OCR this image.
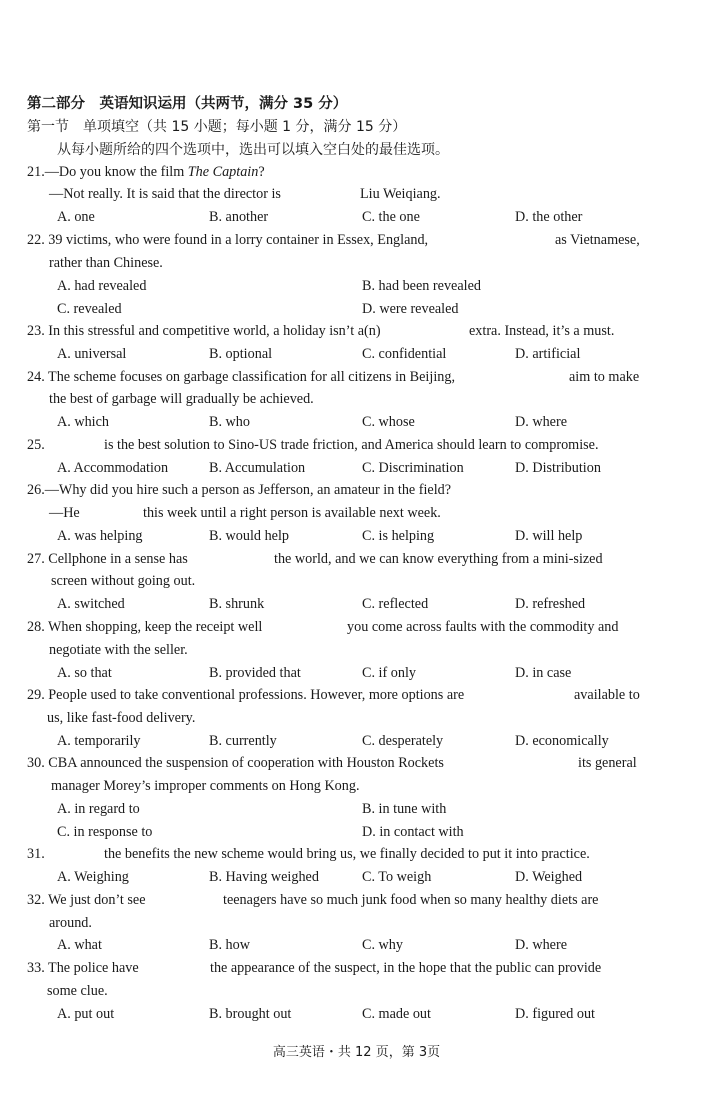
第二部分　英语知识运用（共两节，满分 35 分）
第一节　单项填空（共 15 小题；每小题 1 分，满分 15 分）
从每小题所给的四个选项中，选出可以填入空白处的最佳选项。
21.—Do you know the film The Captain?
—Not really. It is said that the director is	Liu Weiqiang.
A. one	B. another	C. the one	D. the other
22. 39 victims, who were found in a lorry container in Essex, England,	as Vietnamese,
rather than Chinese.
A. had revealed	B. had been revealed
C. revealed	D. were revealed
23. In this stressful and competitive world, a holiday isn’t a(n)	extra. Instead, it’s a must.
A. universal	B. optional	C. confidential	D. artificial
24. The scheme focuses on garbage classification for all citizens in Beijing,	aim to make
the best of garbage will gradually be achieved.
A. which	B. who	C. whose	D. where
25.	is the best solution to Sino-US trade friction, and America should learn to compromise.
A. Accommodation	B. Accumulation	C. Discrimination	D. Distribution
26.—Why did you hire such a person as Jefferson, an amateur in the field?
—He	this week until a right person is available next week.
A. was helping	B. would help	C. is helping	D. will help
27. Cellphone in a sense has	the world, and we can know everything from a mini-sized
screen without going out.
A. switched	B. shrunk	C. reflected	D. refreshed
28. When shopping, keep the receipt well	you come across faults with the commodity and
negotiate with the seller.
A. so that	B. provided that	C. if only	D. in case
29. People used to take conventional professions. However, more options are	available to
us, like fast-food delivery.
A. temporarily	B. currently	C. desperately	D. economically
30. CBA announced the suspension of cooperation with Houston Rockets	its general
manager Morey’s improper comments on Hong Kong.
A. in regard to	B. in tune with
C. in response to	D. in contact with
31.	the benefits the new scheme would bring us, we finally decided to put it into practice.
A. Weighing	B. Having weighed	C. To weigh	D. Weighed
32. We just don’t see	teenagers have so much junk food when so many healthy diets are
around.
A. what	B. how	C. why	D. where
33. The police have	the appearance of the suspect, in the hope that the public can provide
some clue.
A. put out	B. brought out	C. made out	D. figured out
高三英语・共 12 页，第 3页
